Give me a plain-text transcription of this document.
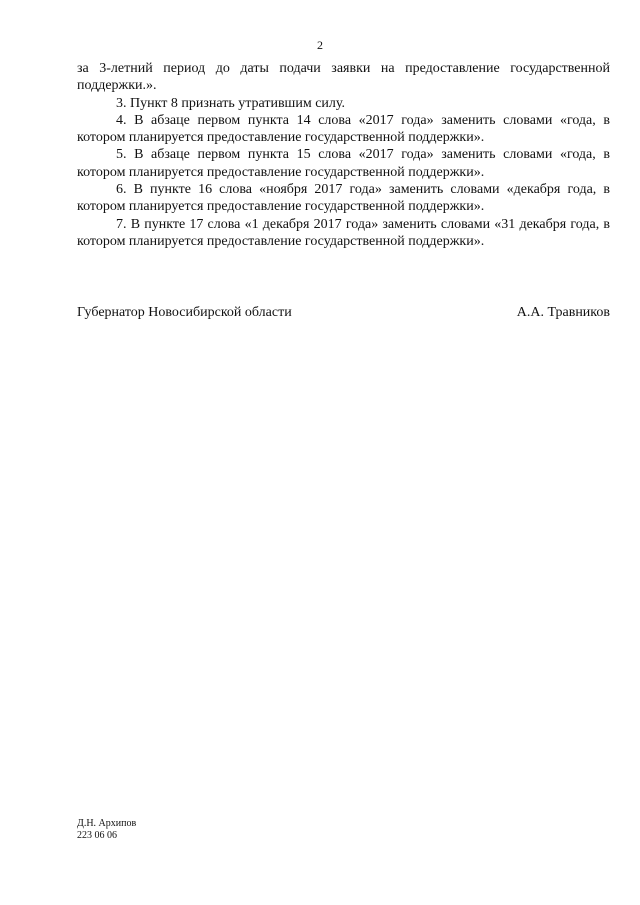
2

за 3-летний период до даты подачи заявки на предоставление государственной поддержки.».

3. Пункт 8 признать утратившим силу.

4. В абзаце первом пункта 14 слова «2017 года» заменить словами «года, в котором планируется предоставление государственной поддержки».

5. В абзаце первом пункта 15 слова «2017 года» заменить словами «года, в котором планируется предоставление государственной поддержки».

6. В пункте 16 слова «ноября 2017 года» заменить словами «декабря года, в котором планируется предоставление государственной поддержки».

7. В пункте 17 слова «1 декабря 2017 года» заменить словами «31 декабря года, в котором планируется предоставление государственной поддержки».

Губернатор Новосибирской области	А.А. Травников
Д.Н. Архипов
223 06 06
